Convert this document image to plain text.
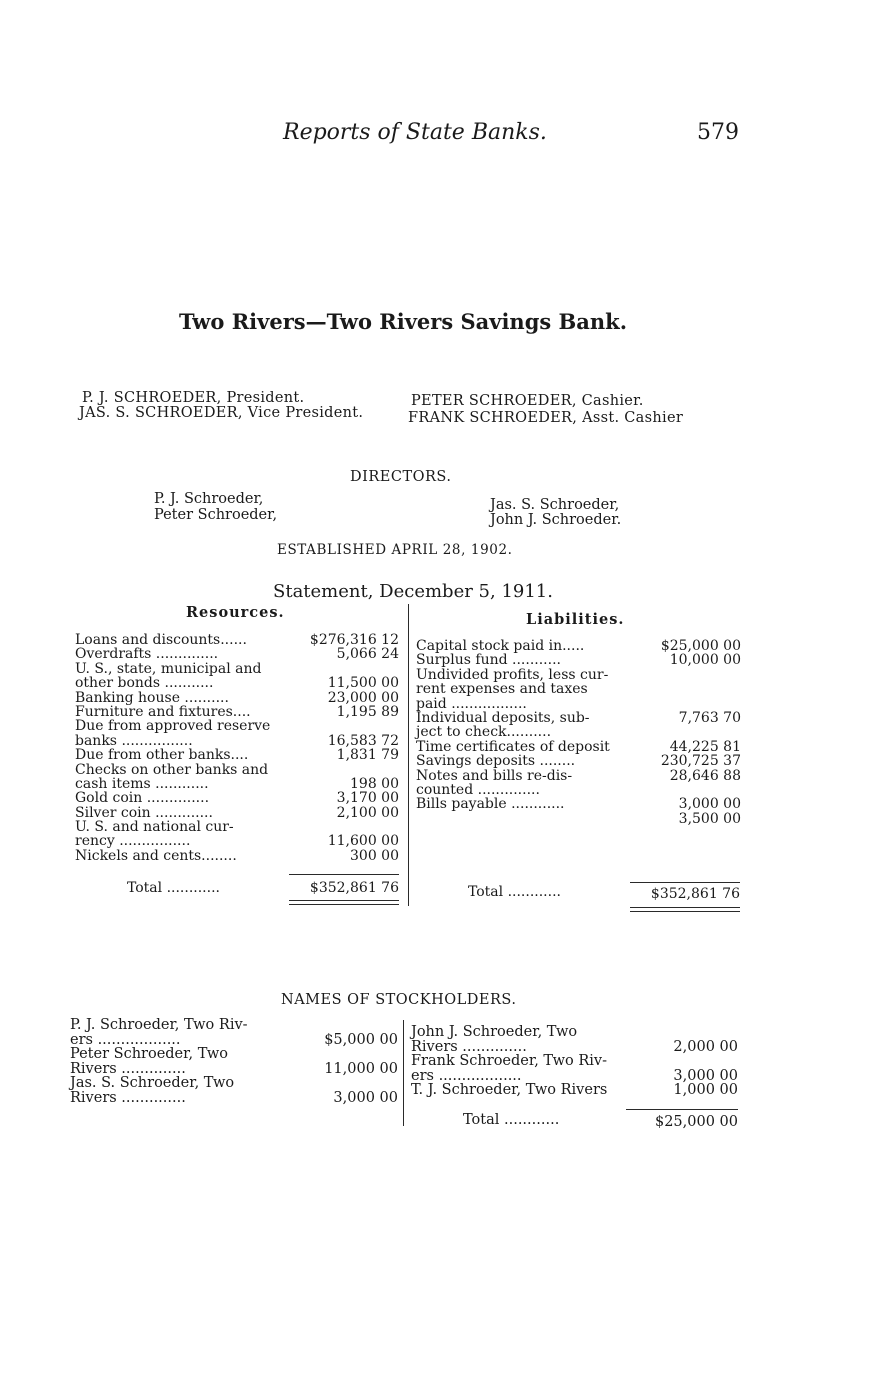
Reports of State Banks.	579
Two Rivers—Two Rivers Savings Bank.
P. J. SCHROEDER, President.
JAS. S. SCHROEDER, Vice President.
PETER SCHROEDER, Cashier.
FRANK SCHROEDER, Asst. Cashier
DIRECTORS.
P. J. Schroeder,
Peter Schroeder,
Jas. S. Schroeder,
John J. Schroeder.
ESTABLISHED APRIL 28, 1902.
Statement, December 5, 1911.
Resources.	Liabilities.
Loans and discounts......	$276,316 12
Overdrafts ..............	5,066 24
U. S., state, municipal and
other bonds ...........	11,500 00
Banking house ..........	23,000 00
Furniture and fixtures....	1,195 89
Due from approved reserve
banks ................	16,583 72
Due from other banks....	1,831 79
Checks on other banks and
cash items ............	198 00
Gold coin ..............	3,170 00
Silver coin .............	2,100 00
U. S. and national cur-
rency ................	11,600 00
Nickels and cents........	300 00
Total ............	$352,861 76
Capital stock paid in.....	$25,000 00
Surplus fund ...........	10,000 00
Undivided profits, less cur-
rent expenses and taxes
paid .................
Individual deposits, sub-	7,763 70
ject to check..........
Time certificates of deposit	44,225 81
Savings deposits ........	230,725 37
Notes and bills re-dis-	28,646 88
counted ..............
Bills payable ............	3,000 00
3,500 00
Total ............	$352,861 76
NAMES OF STOCKHOLDERS.
P. J. Schroeder, Two Riv-
ers ..................	$5,000 00
Peter Schroeder, Two
Rivers ..............	11,000 00
Jas. S. Schroeder, Two
Rivers ..............	3,000 00
John J. Schroeder, Two
Rivers ..............	2,000 00
Frank Schroeder, Two Riv-
ers ..................	3,000 00
T. J. Schroeder, Two Rivers	1,000 00
Total ............	$25,000 00
